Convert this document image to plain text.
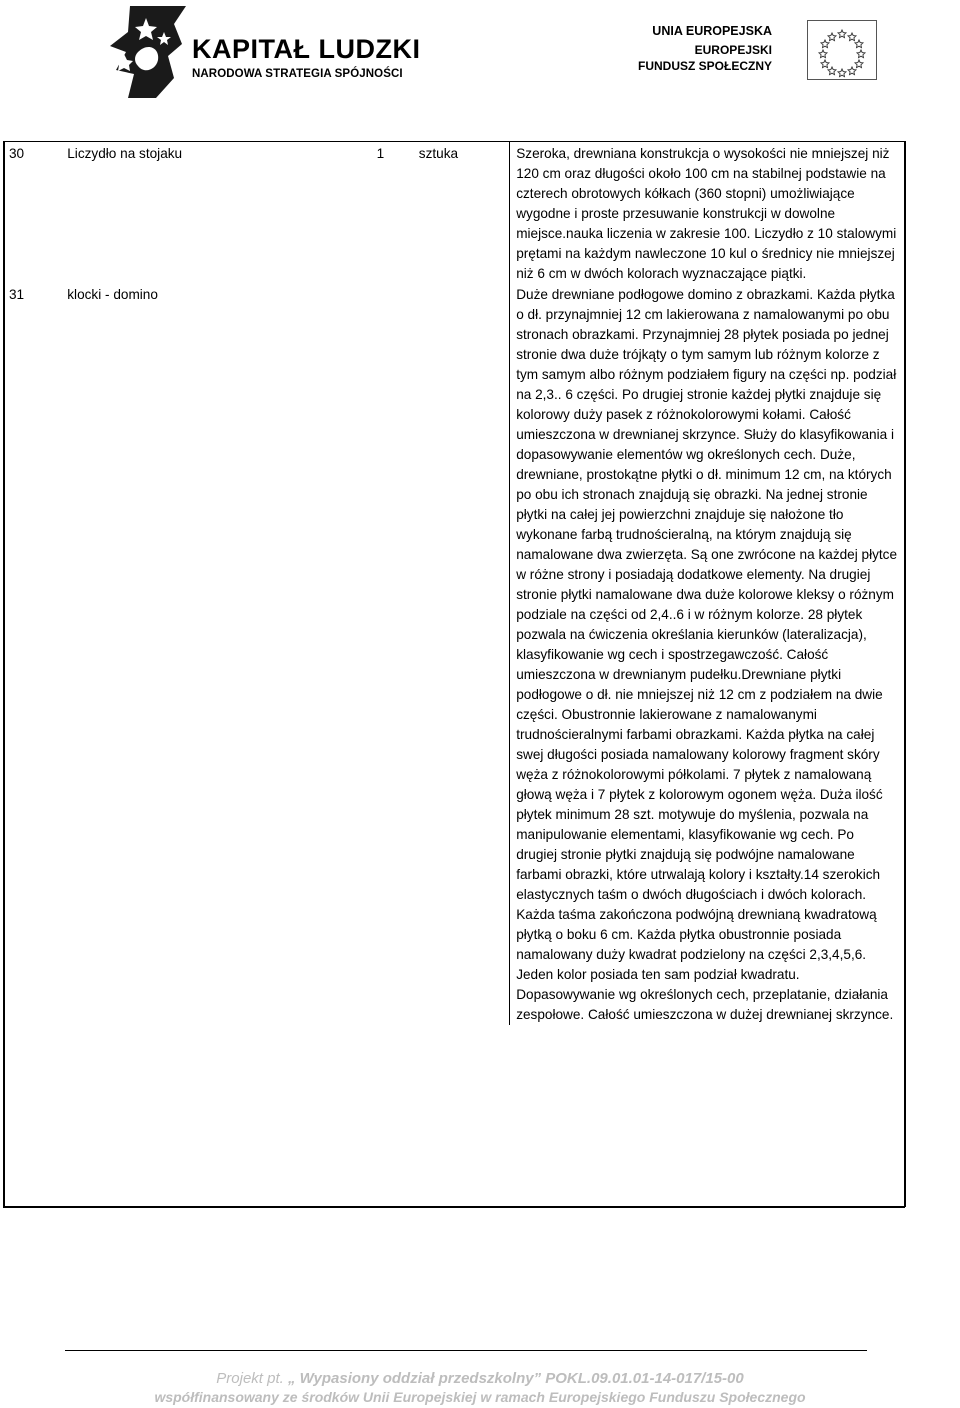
KAPITAŁ LUDZKI
NARODOWA STRATEGIA SPÓJNOŚCI
UNIA EUROPEJSKA
EUROPEJSKI
FUNDUSZ SPOŁECZNY
30	Liczydło na stojaku	1	sztuka	Szeroka, drewniana konstrukcja o wysokości nie mniejszej niż 120 cm oraz długości około 100 cm na stabilnej podstawie na czterech obrotowych kółkach (360 stopni) umożliwiające wygodne i proste przesuwanie konstrukcji w dowolne miejsce.nauka liczenia w zakresie 100. Liczydło z 10 stalowymi prętami na każdym nawleczone 10 kul o średnicy nie mniejszej niż 6 cm w dwóch kolorach wyznaczające piątki.
31	klocki - domino			Duże drewniane podłogowe domino z obrazkami. Każda płytka o dł. przynajmniej 12 cm lakierowana z namalowanymi po obu stronach obrazkami. Przynajmniej 28 płytek posiada po jednej stronie dwa duże trójkąty o tym samym lub różnym kolorze z tym samym albo różnym podziałem figury na części np. podział na 2,3.. 6 części. Po drugiej stronie każdej płytki znajduje się kolorowy duży pasek z różnokolorowymi kołami. Całość umieszczona w drewnianej skrzynce. Służy do klasyfikowania i dopasowywanie elementów wg określonych cech. Duże, drewniane, prostokątne płytki o dł. minimum 12 cm, na których po obu ich stronach znajdują się obrazki. Na jednej stronie płytki na całej jej powierzchni znajduje się nałożone tło wykonane farbą trudnościeralną, na którym znajdują się namalowane dwa zwierzęta. Są one zwrócone na każdej płytce w różne strony i posiadają dodatkowe elementy. Na drugiej stronie płytki namalowane dwa duże kolorowe kleksy o różnym podziale na części od 2,4..6 i w różnym kolorze. 28 płytek pozwala na ćwiczenia określania kierunków (lateralizacja), klasyfikowanie wg cech i spostrzegawczość. Całość umieszczona w drewnianym pudełku.Drewniane płytki podłogowe o dł. nie mniejszej niż 12 cm z podziałem na dwie części. Obustronnie lakierowane z namalowanymi trudnościeralnymi farbami obrazkami. Każda płytka na całej swej długości posiada namalowany kolorowy fragment skóry węża z różnokolorowymi półkolami. 7 płytek z namalowaną głową węża i 7 płytek z kolorowym ogonem węża. Duża ilość płytek minimum 28 szt. motywuje do myślenia, pozwala na manipulowanie elementami, klasyfikowanie wg cech. Po drugiej stronie płytki znajdują się podwójne namalowane farbami obrazki, które utrwalają kolory i kształty.14 szerokich elastycznych taśm o dwóch długościach i dwóch kolorach. Każda taśma zakończona podwójną drewnianą kwadratową płytką o boku 6 cm. Każda płytka obustronnie posiada namalowany duży kwadrat podzielony na części 2,3,4,5,6. Jeden kolor posiada ten sam podział kwadratu. Dopasowywanie wg określonych cech, przeplatanie, działania zespołowe. Całość umieszczona w dużej drewnianej skrzynce.
Projekt pt. „ Wypasiony oddział przedszkolny” POKL.09.01.01-14-017/15-00
współfinansowany ze środków Unii Europejskiej w ramach Europejskiego Funduszu Społecznego
